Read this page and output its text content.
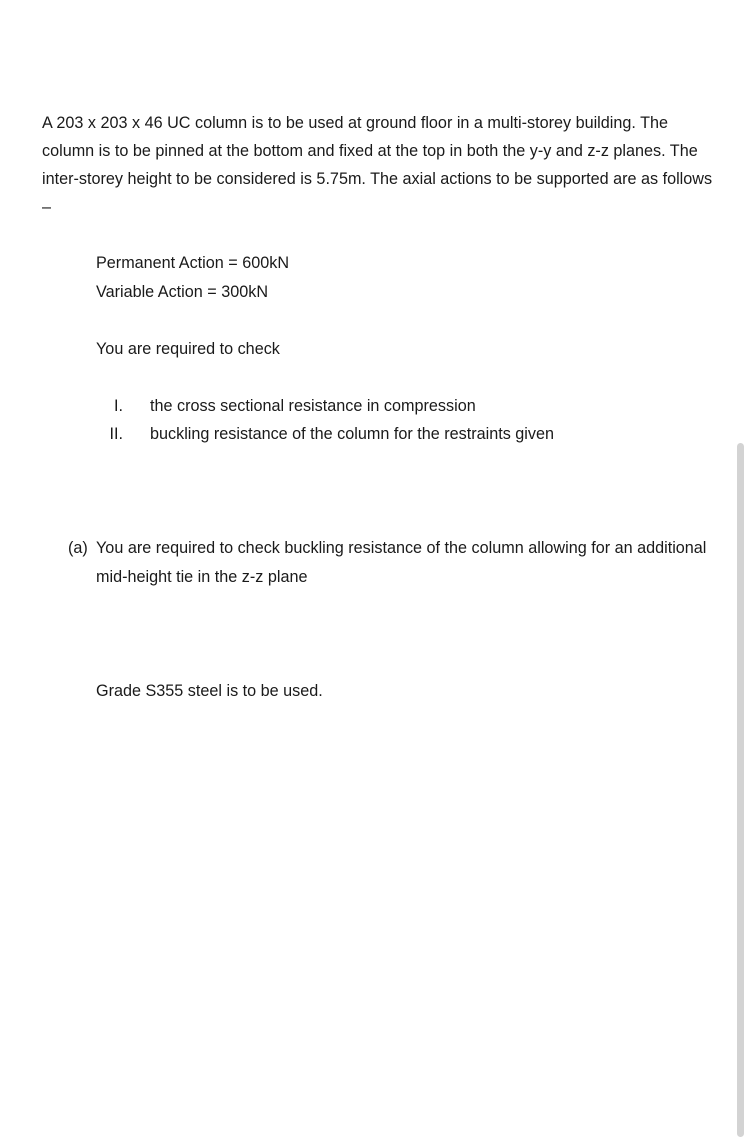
A 203 x 203 x 46 UC column is to be used at ground floor in a multi-storey building. The column is to be pinned at the bottom and fixed at the top in both the y-y and z-z planes. The inter-storey height to be considered is 5.75m. The axial actions to be supported are as follows –

Permanent Action = 600kN
Variable Action = 300kN

You are required to check

I. the cross sectional resistance in compression
II. buckling resistance of the column for the restraints given

(a) You are required to check buckling resistance of the column allowing for an additional mid-height tie in the z-z plane

Grade S355 steel is to be used.
